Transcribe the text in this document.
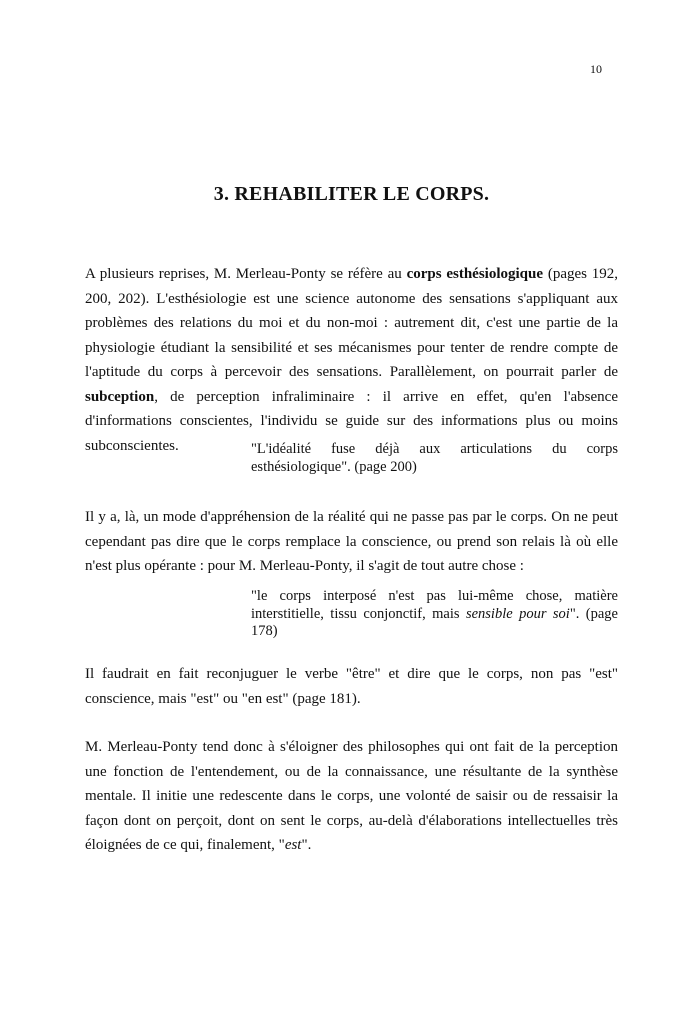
10
3. REHABILITER LE CORPS.

A plusieurs reprises, M. Merleau-Ponty se réfère au corps esthésiologique (pages 192, 200, 202). L'esthésiologie est une science autonome des sensations s'appliquant aux problèmes des relations du moi et du non-moi : autrement dit, c'est une partie de la physiologie étudiant la sensibilité et ses mécanismes pour tenter de rendre compte de l'aptitude du corps à percevoir des sensations. Parallèlement, on pourrait parler de subception, de perception infraliminaire : il arrive en effet, qu'en l'absence d'informations conscientes, l'individu se guide sur des informations plus ou moins subconscientes.	"L'idéalité fuse déjà aux articulations du corps esthésiologique". (page 200)

Il y a, là, un mode d'appréhension de la réalité qui ne passe pas par le corps. On ne peut cependant pas dire que le corps remplace la conscience, ou prend son relais là où elle n'est plus opérante : pour M. Merleau-Ponty, il s'agit de tout autre chose :

"le corps interposé n'est pas lui-même chose, matière interstitielle, tissu conjonctif, mais sensible pour soi". (page 178)

Il faudrait en fait reconjuguer le verbe "être" et dire que le corps, non pas "est" conscience, mais "est" ou "en est" (page 181).

M. Merleau-Ponty tend donc à s'éloigner des philosophes qui ont fait de la perception une fonction de l'entendement, ou de la connaissance, une résultante de la synthèse mentale. Il initie une redescente dans le corps, une volonté de saisir ou de ressaisir la façon dont on perçoit, dont on sent le corps, au-delà d'élaborations intellectuelles très éloignées de ce qui, finalement, "est".
